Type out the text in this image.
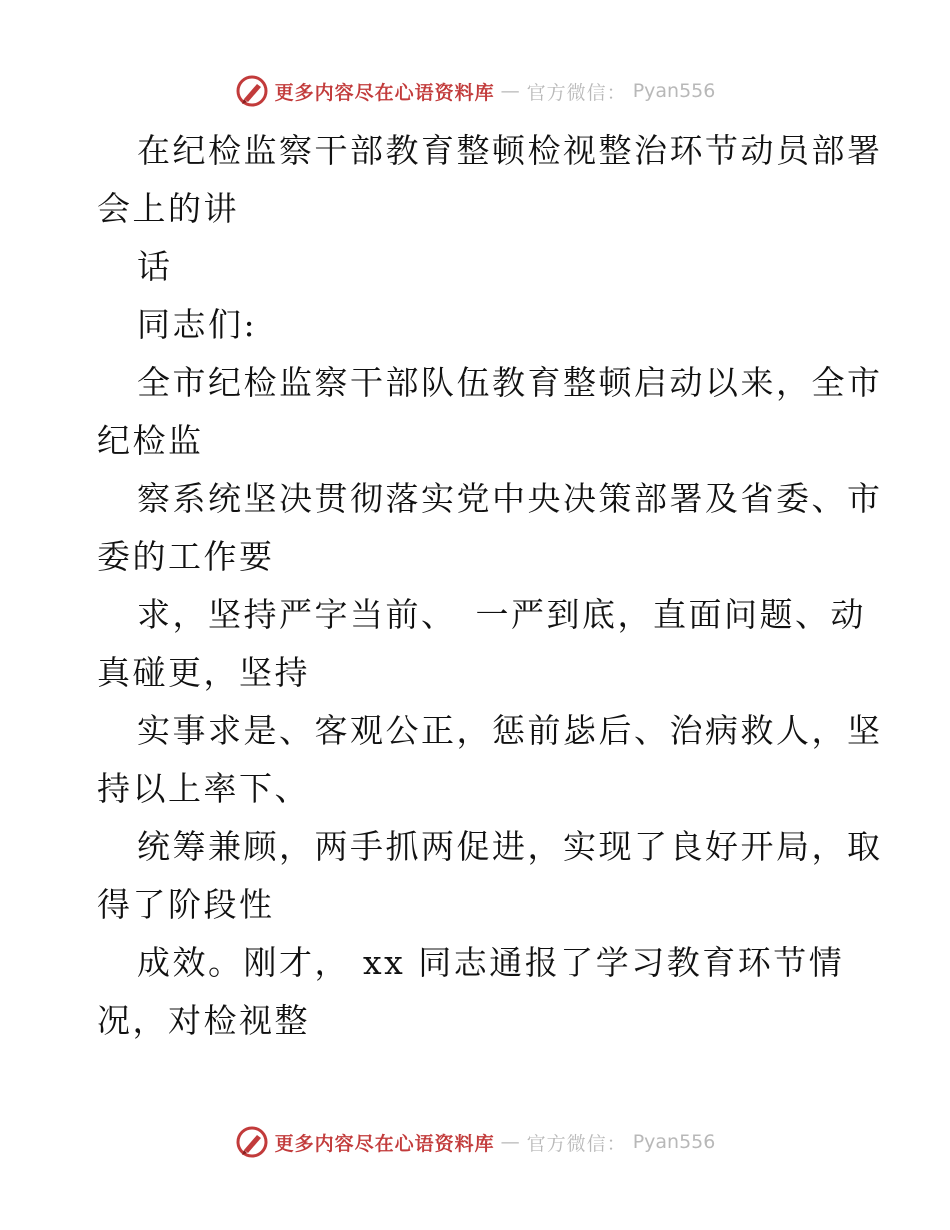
更多内容尽在心语资料库 — 官方微信： Pyan556
在纪检监察干部教育整顿检视整治环节动员部署
会上的讲
话
同志们:
全市纪检监察干部队伍教育整顿启动以来，全市
纪检监
察系统坚决贯彻落实党中央决策部署及省委、市
委的工作要
求，坚持严字当前、　一严到底，直面问题、动
真碰更，坚持
实事求是、客观公正，惩前毖后、治病救人，坚
持以上率下、
统筹兼顾，两手抓两促进，实现了良好开局，取
得了阶段性
成效。刚才， xx 同志通报了学习教育环节情
况，对检视整
更多内容尽在心语资料库 — 官方微信： Pyan556
